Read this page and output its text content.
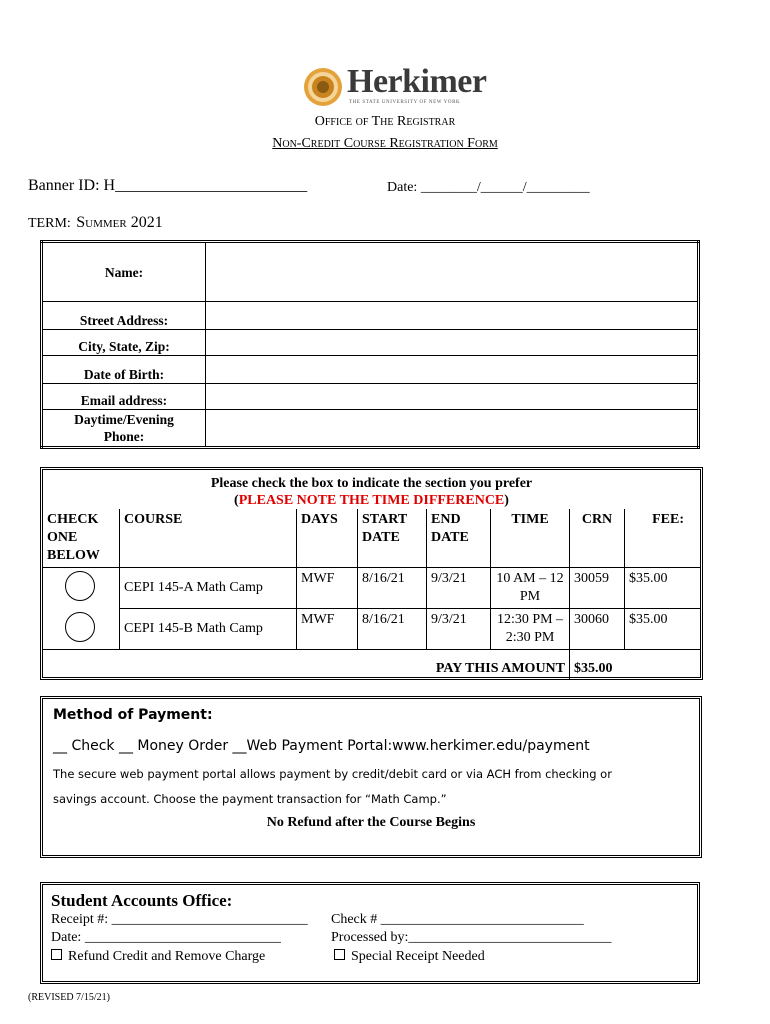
Herkimer
THE STATE UNIVERSITY OF NEW YORK
Office of The Registrar
Non-Credit Course Registration Form
Banner ID: H________________________	Date: ________/______/_________
TERM: Summer 2021
Name:	
Street Address:	
City, State, Zip:	
Date of Birth:	
Email address:	

Daytime/Evening
Phone:	

Please check the box to indicate the section you prefer
(PLEASE NOTE THE TIME DIFFERENCE)
CHECK ONE BELOW	COURSE	DAYS	START DATE	END DATE	TIME	CRN	FEE:

	CEPI 145-A Math Camp	MWF	8/16/21	9/3/21	10 AM – 12 PM	30059	$35.00

	CEPI 145-B Math Camp	MWF	8/16/21	9/3/21	12:30 PM – 2:30 PM	30060	$35.00
PAY THIS AMOUNT						$35.00	
Method of Payment:
__ Check __ Money Order __Web Payment Portal:www.herkimer.edu/payment
The secure web payment portal allows payment by credit/debit card or via ACH from checking or
savings account. Choose the payment transaction for “Math Camp.”
No Refund after the Course Begins
Student Accounts Office:
Receipt #: ____________________________ Check # _____________________________
Date: ____________________________	Processed by:_____________________________
Refund Credit and Remove Charge	Special Receipt Needed
(REVISED 7/15/21)
